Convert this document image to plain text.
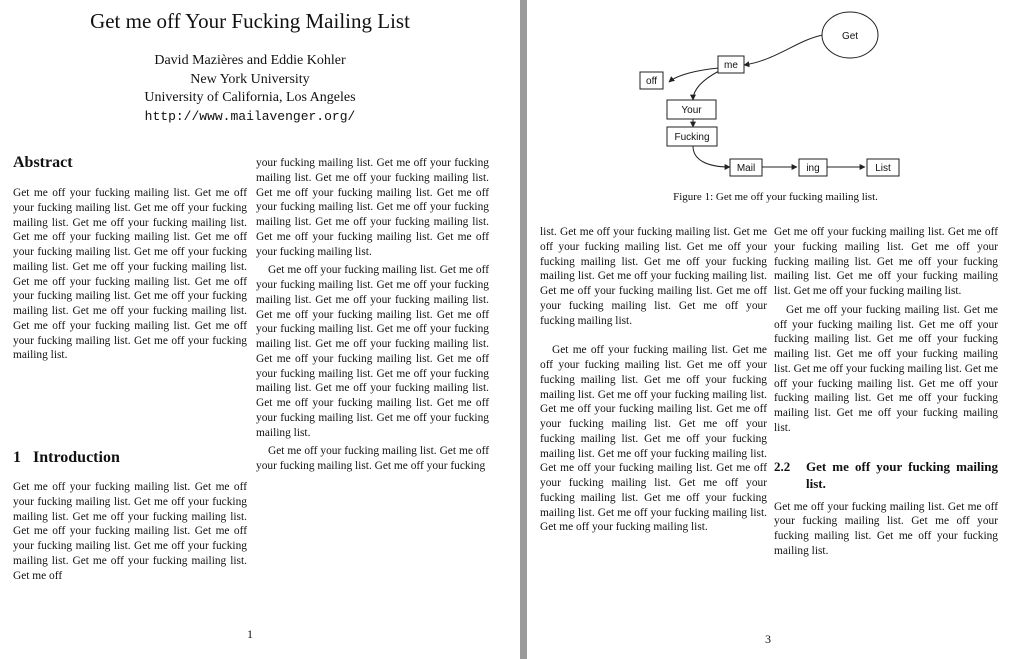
Get me off Your Fucking Mailing List
David Mazières and Eddie Kohler
New York University
University of California, Los Angeles
http://www.mailavenger.org/
Abstract

Get me off your fucking mailing list. Get me off your fucking mailing list. Get me off your fucking mailing list. Get me off your fucking mailing list. Get me off your fucking mailing list. Get me off your fucking mailing list. Get me off your fucking mailing list. Get me off your fucking mailing list. Get me off your fucking mailing list. Get me off your fucking mailing list. Get me off your fucking mailing list. Get me off your fucking mailing list. Get me off your fucking mailing list. Get me off your fucking mailing list. Get me off your fucking mailing list.

1 Introduction

Get me off your fucking mailing list. Get me off your fucking mailing list. Get me off your fucking mailing list. Get me off your fucking mailing list. Get me off your fucking mailing list. Get me off your fucking mailing list. Get me off your fucking mailing list. Get me off your fucking mailing list. Get me off

your fucking mailing list. Get me off your fucking mailing list. Get me off your fucking mailing list. Get me off your fucking mailing list. Get me off your fucking mailing list. Get me off your fucking mailing list. Get me off your fucking mailing list. Get me off your fucking mailing list. Get me off your fucking mailing list.

Get me off your fucking mailing list. Get me off your fucking mailing list. Get me off your fucking mailing list. Get me off your fucking mailing list. Get me off your fucking mailing list. Get me off your fucking mailing list. Get me off your fucking mailing list. Get me off your fucking mailing list. Get me off your fucking mailing list. Get me off your fucking mailing list. Get me off your fucking mailing list. Get me off your fucking mailing list. Get me off your fucking mailing list. Get me off your fucking mailing list. Get me off your fucking mailing list.

Get me off your fucking mailing list. Get me off your fucking mailing list. Get me off your fucking

1
Get
me
off
Your
Fucking
Mail	ing	List
Figure 1: Get me off your fucking mailing list.

list. Get me off your fucking mailing list. Get me off your fucking mailing list. Get me off your fucking mailing list. Get me off your fucking mailing list. Get me off your fucking mailing list. Get me off your fucking mailing list. Get me off your fucking mailing list. Get me off your fucking mailing list.

Get me off your fucking mailing list. Get me off your fucking mailing list. Get me off your fucking mailing list. Get me off your fucking mailing list. Get me off your fucking mailing list. Get me off your fucking mailing list. Get me off your fucking mailing list. Get me off your fucking mailing list. Get me off your fucking mailing list. Get me off your fucking mailing list. Get me off your fucking mailing list. Get me off your fucking mailing list. Get me off your fucking mailing list. Get me off your fucking mailing list. Get me off your fucking mailing list. Get me off your fucking mailing list.

Get me off your fucking mailing list. Get me off your fucking mailing list. Get me off your fucking mailing list. Get me off your fucking mailing list. Get me off your fucking mailing list. Get me off your fucking mailing list.

Get me off your fucking mailing list. Get me off your fucking mailing list. Get me off your fucking mailing list. Get me off your fucking mailing list. Get me off your fucking mailing list. Get me off your fucking mailing list. Get me off your fucking mailing list. Get me off your fucking mailing list. Get me off your fucking mailing list. Get me off your fucking mailing list.

2.2	Get me off your fucking mailing list.

Get me off your fucking mailing list. Get me off your fucking mailing list. Get me off your fucking mailing list. Get me off your fucking mailing list.

3
